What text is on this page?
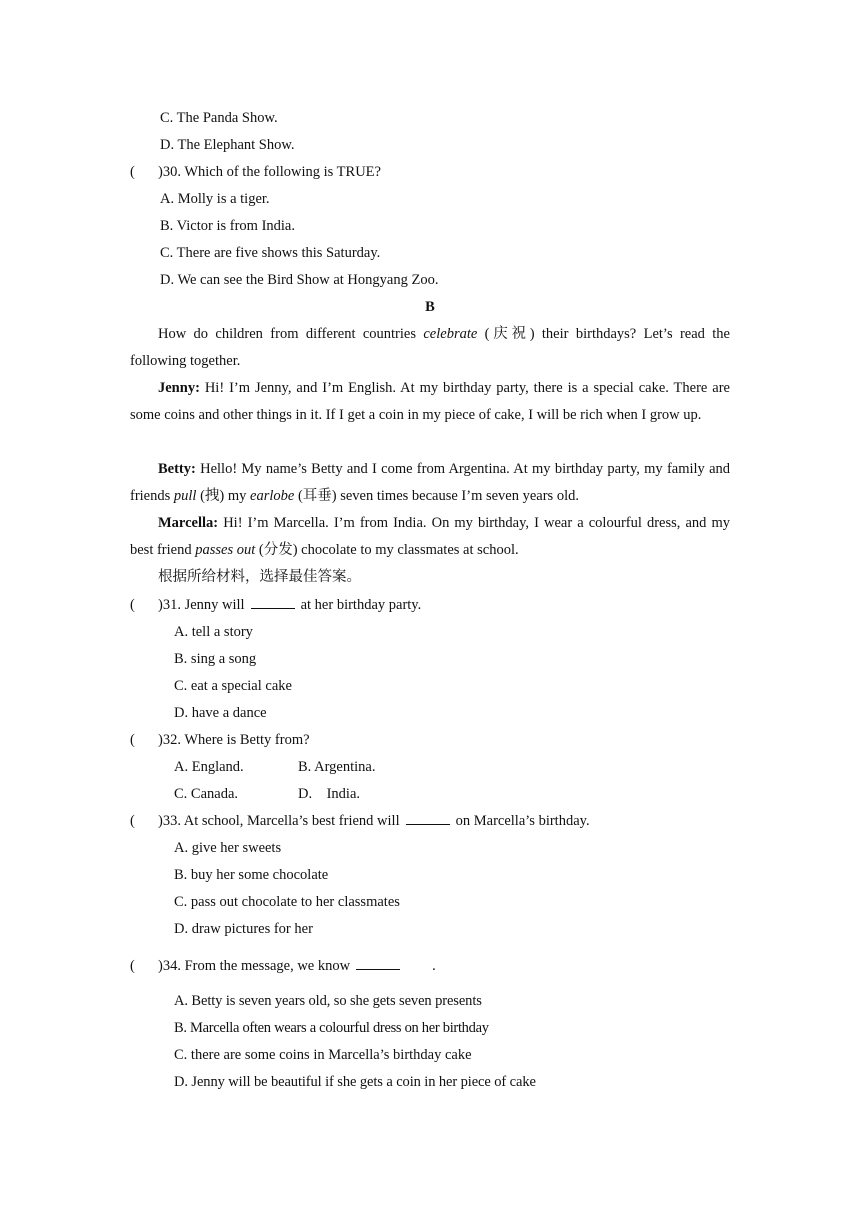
C. The Panda Show.
D. The Elephant Show.
( )30. Which of the following is TRUE?
A. Molly is a tiger.
B. Victor is from India.
C. There are five shows this Saturday.
D. We can see the Bird Show at Hongyang Zoo.
B
How do children from different countries celebrate (庆祝) their birthdays? Let’s read the following together.
Jenny: Hi! I’m Jenny, and I’m English. At my birthday party, there is a special cake. There are some coins and other things in it. If I get a coin in my piece of cake, I will be rich when I grow up.
Betty: Hello! My name’s Betty and I come from Argentina. At my birthday party, my family and friends pull (拽) my earlobe (耳垂) seven times because I’m seven years old.
Marcella: Hi! I’m Marcella. I’m from India. On my birthday, I wear a colourful dress, and my best friend passes out (分发) chocolate to my classmates at school.
根据所给材料，选择最佳答案。
( )31. Jenny will	at her birthday party.
A. tell a story
B. sing a song
C. eat a special cake
D. have a dance
( )32. Where is Betty from?
A. England.	B. Argentina.
C. Canada.	D.    India.
( )33. At school, Marcella’s best friend will	on Marcella’s birthday.
A. give her sweets
B. buy her some chocolate
C. pass out chocolate to her classmates
D. draw pictures for her
( )34. From the message, we know	.
A. Betty is seven years old, so she gets seven presents
B. Marcella often wears a colourful dress on her birthday
C. there are some coins in Marcella’s birthday cake
D. Jenny will be beautiful if she gets a coin in her piece of cake
